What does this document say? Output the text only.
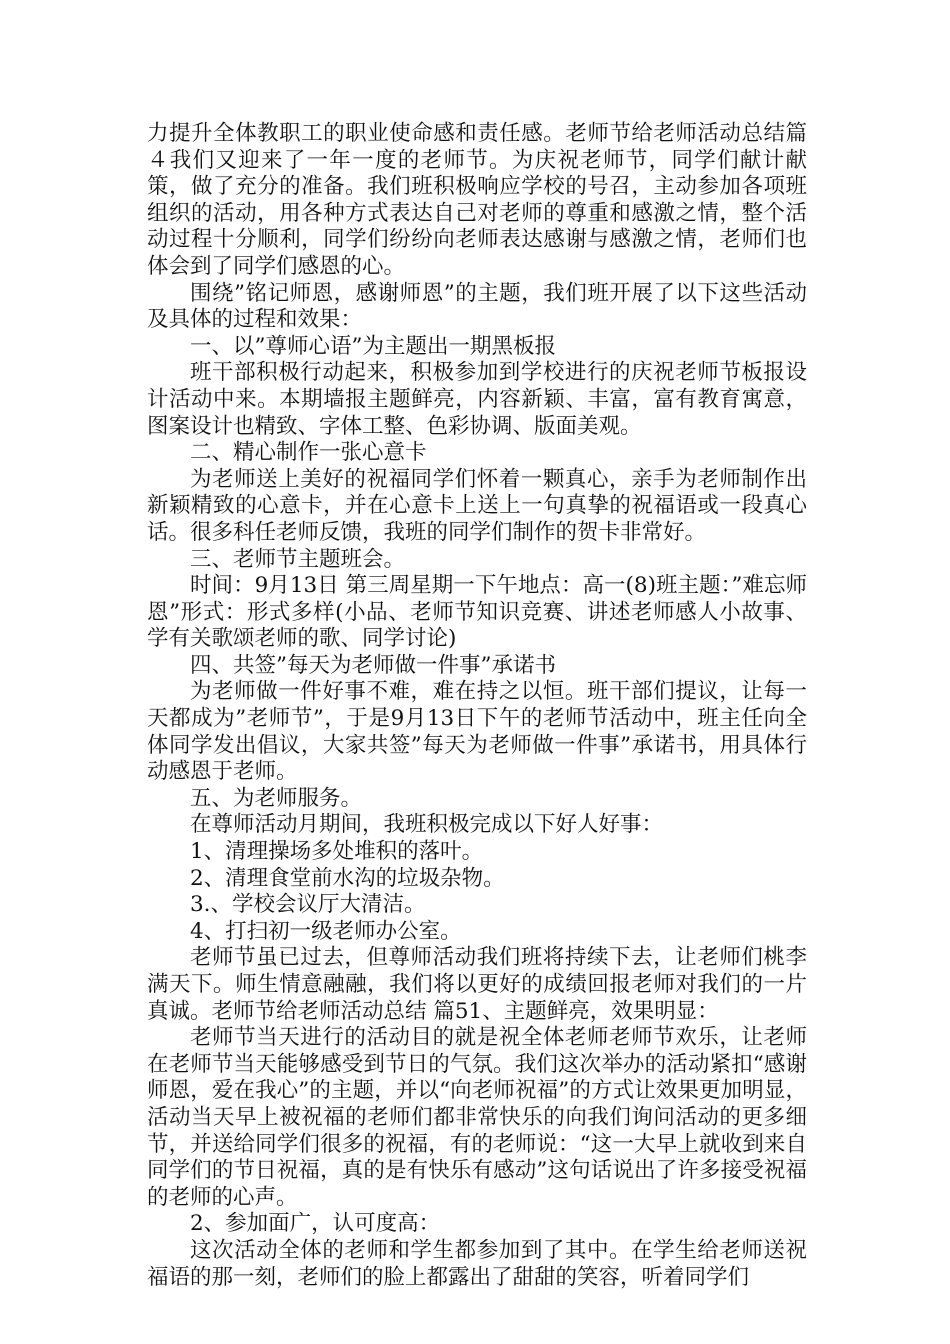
力提升全体教职工的职业使命感和责任感。老师节给老师活动总结篇４我们又迎来了一年一度的老师节。为庆祝老师节，同学们献计献策，做了充分的准备。我们班积极响应学校的号召，主动参加各项班组织的活动，用各种方式表达自己对老师的尊重和感激之情，整个活动过程十分顺利，同学们纷纷向老师表达感谢与感激之情，老师们也体会到了同学们感恩的心。

围绕”铭记师恩，感谢师恩”的主题，我们班开展了以下这些活动及具体的过程和效果：

一、以”尊师心语”为主题出一期黑板报

班干部积极行动起来，积极参加到学校进行的庆祝老师节板报设计活动中来。本期墙报主题鲜亮，内容新颖、丰富，富有教育寓意，图案设计也精致、字体工整、色彩协调、版面美观。

二、精心制作一张心意卡

为老师送上美好的祝福同学们怀着一颗真心，亲手为老师制作出新颖精致的心意卡，并在心意卡上送上一句真挚的祝福语或一段真心话。很多科任老师反馈，我班的同学们制作的贺卡非常好。

三、老师节主题班会。

时间：9月13日 第三周星期一下午地点：高一(8)班主题：”难忘师恩”形式：形式多样(小品、老师节知识竞赛、讲述老师感人小故事、学有关歌颂老师的歌、同学讨论)

四、共签”每天为老师做一件事”承诺书

为老师做一件好事不难，难在持之以恒。班干部们提议，让每一天都成为”老师节”，于是9月13日下午的老师节活动中，班主任向全体同学发出倡议，大家共签”每天为老师做一件事”承诺书，用具体行动感恩于老师。

五、为老师服务。

在尊师活动月期间，我班积极完成以下好人好事：

1、清理操场多处堆积的落叶。

2、清理食堂前水沟的垃圾杂物。

3.、学校会议厅大清洁。

4、打扫初一级老师办公室。

老师节虽已过去，但尊师活动我们班将持续下去，让老师们桃李满天下。师生情意融融，我们将以更好的成绩回报老师对我们的一片真诚。老师节给老师活动总结 篇51、主题鲜亮，效果明显：

老师节当天进行的活动目的就是祝全体老师老师节欢乐，让老师在老师节当天能够感受到节日的气氛。我们这次举办的活动紧扣“感谢师恩，爱在我心”的主题，并以“向老师祝福”的方式让效果更加明显，活动当天早上被祝福的老师们都非常快乐的向我们询问活动的更多细节，并送给同学们很多的祝福，有的老师说：“这一大早上就收到来自同学们的节日祝福，真的是有快乐有感动”这句话说出了许多接受祝福的老师的心声。

2、参加面广，认可度高：

这次活动全体的老师和学生都参加到了其中。在学生给老师送祝福语的那一刻，老师们的脸上都露出了甜甜的笑容，听着同学们
